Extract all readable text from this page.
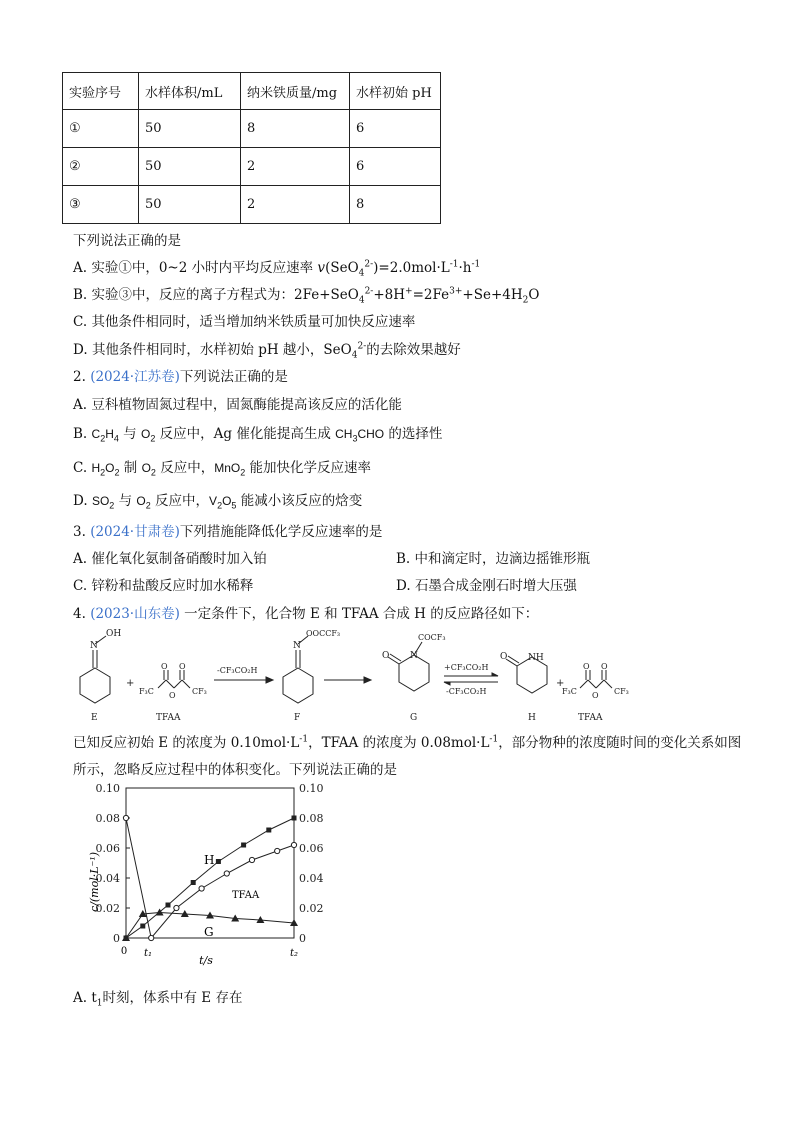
实验序号	水样体积/mL	纳米铁质量/mg	水样初始 pH
①	50	8	6
②	50	2	6
③	50	2	8
下列说法正确的是
A. 实验①中，0~2 小时内平均反应速率 $v(SeO_4^{2-})=2.0mol\cdot L^{-1}\cdot h^{-1}$
B. 实验③中，反应的离子方程式为：$2Fe+SeO_4^{2-}+8H^+=2Fe^{3+}+Se+4H_2O$
C. 其他条件相同时，适当增加纳米铁质量可加快反应速率
D. 其他条件相同时，水样初始 pH 越小，SeO$_4^{2-}$的去除效果越好
2. (2024·江苏卷)下列说法正确的是
A. 豆科植物固氮过程中，固氮酶能提高该反应的活化能
B. $C_2H_4$ 与 $O_2$ 反应中，Ag 催化能提高生成 $CH_3CHO$ 的选择性
C. $H_2O_2$ 制 $O_2$ 反应中，MnO$_2$ 能加快化学反应速率
D. $SO_2$ 与 $O_2$ 反应中，$V_2O_5$ 能减小该反应的焓变
3. (2024·甘肃卷)下列措施能降低化学反应速率的是
A. 催化氧化氨制备硝酸时加入铂	B. 中和滴定时，边滴边摇锥形瓶
C. 锌粉和盐酸反应时加水稀释	D. 石墨合成金刚石时增大压强
4. (2023·山东卷) 一定条件下，化合物 E 和 TFAA 合成 H 的反应路径如下：
N
OH
E
+
F₃C	CF₃
O
O O
TFAA
-CF₃CO₂H
N
OOCCF₃
F
O N
COCF₃
G
+CF₃CO₂H
-CF₃CO₂H
O NH
H
+
F₃C	CF₃
O
O O
TFAA
已知反应初始 E 的浓度为 $0.10mol\cdot L^{-1}$，TFAA 的浓度为 $0.08mol\cdot L^{-1}$，部分物种的浓度随时间的变化关系如图
所示，忽略反应过程中的体积变化。下列说法正确的是
0	0
0.02	0.02
0.04	0.04
0.06	0.06
0.08	0.08
0.10	0.10
c/(mol·L⁻¹)
t/s
0 t₁	t₂
H
TFAA
G
A. $t_1$时刻，体系中有 E 存在
